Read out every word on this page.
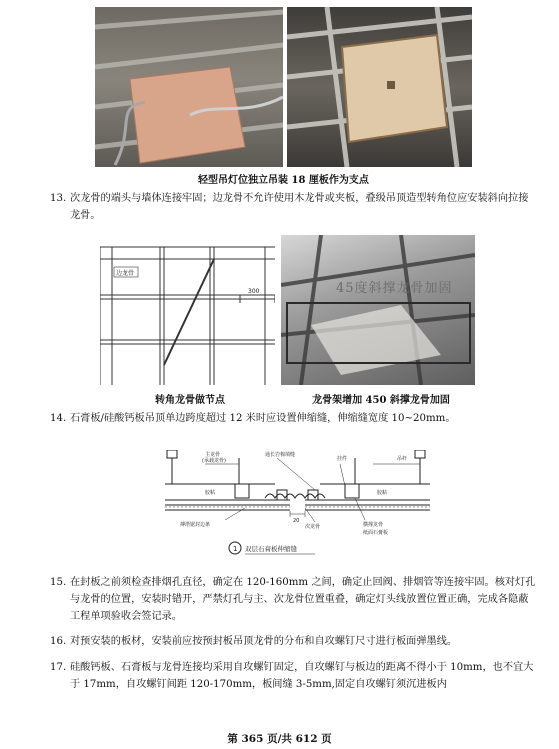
轻型吊灯位独立吊装 18 厘板作为支点
13. 次龙骨的端头与墙体连接牢固；边龙骨不允许使用木龙骨或夹板，叠级吊顶造型转角位应安装斜向拉接龙骨。
300
边龙骨
45度斜撑龙骨加固
转角龙骨做节点	龙骨架增加 450 斜撑龙骨加固
14. 石膏板/硅酸钙板吊顶单边跨度超过 12 米时应设置伸缩缝，伸缩缝宽度 10~20mm。
主龙骨
(承载龙骨)
通长岩棉填缝
挂件	吊杆
胶粘	胶粘
搏塔锯封边条
20
次龙骨	横撑龙骨
纸面石膏板
1 双层石膏板伸缩缝
15. 在封板之前须检查排烟孔直径，确定在 120-160mm 之间，确定止回阀、排烟管等连接牢固。核对灯孔与龙骨的位置，安装时错开，严禁灯孔与主、次龙骨位置重叠，确定灯头线放置位置正确，完成各隐蔽工程单项验收会签记录。
16. 对预安装的板材，安装前应按预封板吊顶龙骨的分布和自攻螺钉尺寸进行板面弹墨线。
17. 硅酸钙板、石膏板与龙骨连接均采用自攻螺钉固定，自攻螺钉与板边的距离不得小于 10mm，也不宜大于 17mm，自攻螺钉间距 120-170mm，板间缝 3-5mm,固定自攻螺钉须沉进板内
第 365 页/共 612 页
